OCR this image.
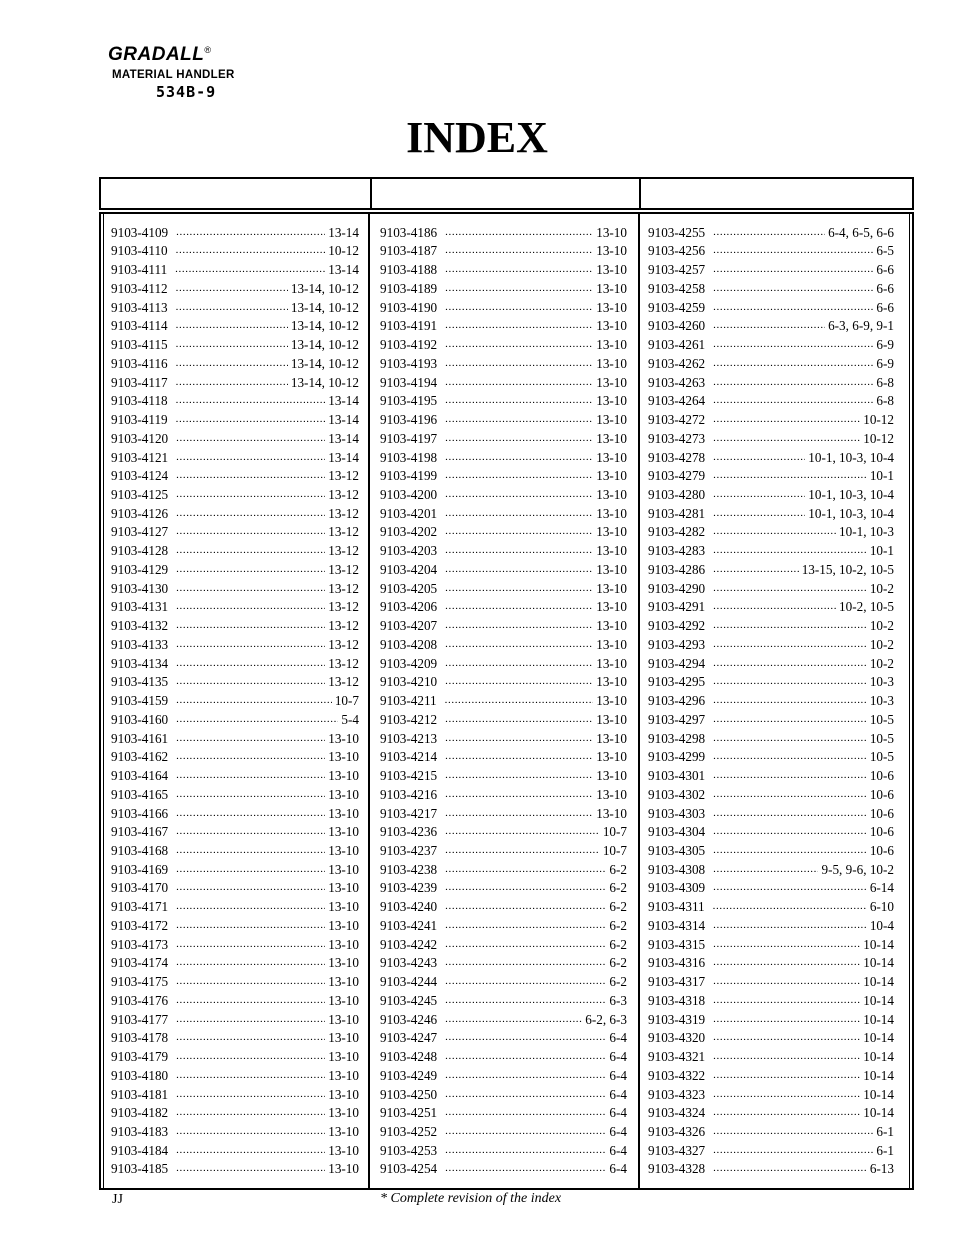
GRADALL®
MATERIAL HANDLER
534B-9
INDEX
9103-4109 .....	13-14
9103-4110 .....	10-12
9103-4111 .....	13-14
9103-4112 .....	13-14, 10-12
9103-4113 .....	13-14, 10-12
9103-4114 .....	13-14, 10-12
9103-4115 .....	13-14, 10-12
9103-4116 .....	13-14, 10-12
9103-4117 .....	13-14, 10-12
9103-4118 .....	13-14
9103-4119 .....	13-14
9103-4120 .....	13-14
9103-4121 .....	13-14
9103-4124 .....	13-12
9103-4125 .....	13-12
9103-4126 .....	13-12
9103-4127 .....	13-12
9103-4128 .....	13-12
9103-4129 .....	13-12
9103-4130 .....	13-12
9103-4131 .....	13-12
9103-4132 .....	13-12
9103-4133 .....	13-12
9103-4134 .....	13-12
9103-4135 .....	13-12
9103-4159 .....	10-7
9103-4160 .....	5-4
9103-4161 .....	13-10
9103-4162 .....	13-10
9103-4164 .....	13-10
9103-4165 .....	13-10
9103-4166 .....	13-10
9103-4167 .....	13-10
9103-4168 .....	13-10
9103-4169 .....	13-10
9103-4170 .....	13-10
9103-4171 .....	13-10
9103-4172 .....	13-10
9103-4173 .....	13-10
9103-4174 .....	13-10
9103-4175 .....	13-10
9103-4176 .....	13-10
9103-4177 .....	13-10
9103-4178 .....	13-10
9103-4179 .....	13-10
9103-4180 .....	13-10
9103-4181 .....	13-10
9103-4182 .....	13-10
9103-4183 .....	13-10
9103-4184 .....	13-10
9103-4185 .....	13-10
9103-4186 .....	13-10
9103-4187 .....	13-10
9103-4188 .....	13-10
9103-4189 .....	13-10
9103-4190 .....	13-10
9103-4191 .....	13-10
9103-4192 .....	13-10
9103-4193 .....	13-10
9103-4194 .....	13-10
9103-4195 .....	13-10
9103-4196 .....	13-10
9103-4197 .....	13-10
9103-4198 .....	13-10
9103-4199 .....	13-10
9103-4200 .....	13-10
9103-4201 .....	13-10
9103-4202 .....	13-10
9103-4203 .....	13-10
9103-4204 .....	13-10
9103-4205 .....	13-10
9103-4206 .....	13-10
9103-4207 .....	13-10
9103-4208 .....	13-10
9103-4209 .....	13-10
9103-4210 .....	13-10
9103-4211 .....	13-10
9103-4212 .....	13-10
9103-4213 .....	13-10
9103-4214 .....	13-10
9103-4215 .....	13-10
9103-4216 .....	13-10
9103-4217 .....	13-10
9103-4236 .....	10-7
9103-4237 .....	10-7
9103-4238 .....	6-2
9103-4239 .....	6-2
9103-4240 .....	6-2
9103-4241 .....	6-2
9103-4242 .....	6-2
9103-4243 .....	6-2
9103-4244 .....	6-2
9103-4245 .....	6-3
9103-4246 .....	6-2, 6-3
9103-4247 .....	6-4
9103-4248 .....	6-4
9103-4249 .....	6-4
9103-4250 .....	6-4
9103-4251 .....	6-4
9103-4252 .....	6-4
9103-4253 .....	6-4
9103-4254 .....	6-4
9103-4255 .....	6-4, 6-5, 6-6
9103-4256 .....	6-5
9103-4257 .....	6-6
9103-4258 .....	6-6
9103-4259 .....	6-6
9103-4260 .....	6-3, 6-9, 9-1
9103-4261 .....	6-9
9103-4262 .....	6-9
9103-4263 .....	6-8
9103-4264 .....	6-8
9103-4272 .....	10-12
9103-4273 .....	10-12
9103-4278 .....	10-1, 10-3, 10-4
9103-4279 .....	10-1
9103-4280 .....	10-1, 10-3, 10-4
9103-4281 .....	10-1, 10-3, 10-4
9103-4282 .....	10-1, 10-3
9103-4283 .....	10-1
9103-4286 .....	13-15, 10-2, 10-5
9103-4290 .....	10-2
9103-4291 .....	10-2, 10-5
9103-4292 .....	10-2
9103-4293 .....	10-2
9103-4294 .....	10-2
9103-4295 .....	10-3
9103-4296 .....	10-3
9103-4297 .....	10-5
9103-4298 .....	10-5
9103-4299 .....	10-5
9103-4301 .....	10-6
9103-4302 .....	10-6
9103-4303 .....	10-6
9103-4304 .....	10-6
9103-4305 .....	10-6
9103-4308 .....	9-5, 9-6, 10-2
9103-4309 .....	6-14
9103-4311 .....	6-10
9103-4314 .....	10-4
9103-4315 .....	10-14
9103-4316 .....	10-14
9103-4317 .....	10-14
9103-4318 .....	10-14
9103-4319 .....	10-14
9103-4320 .....	10-14
9103-4321 .....	10-14
9103-4322 .....	10-14
9103-4323 .....	10-14
9103-4324 .....	10-14
9103-4326 .....	6-1
9103-4327 .....	6-1
9103-4328 .....	6-13
JJ	* Complete revision of the index
